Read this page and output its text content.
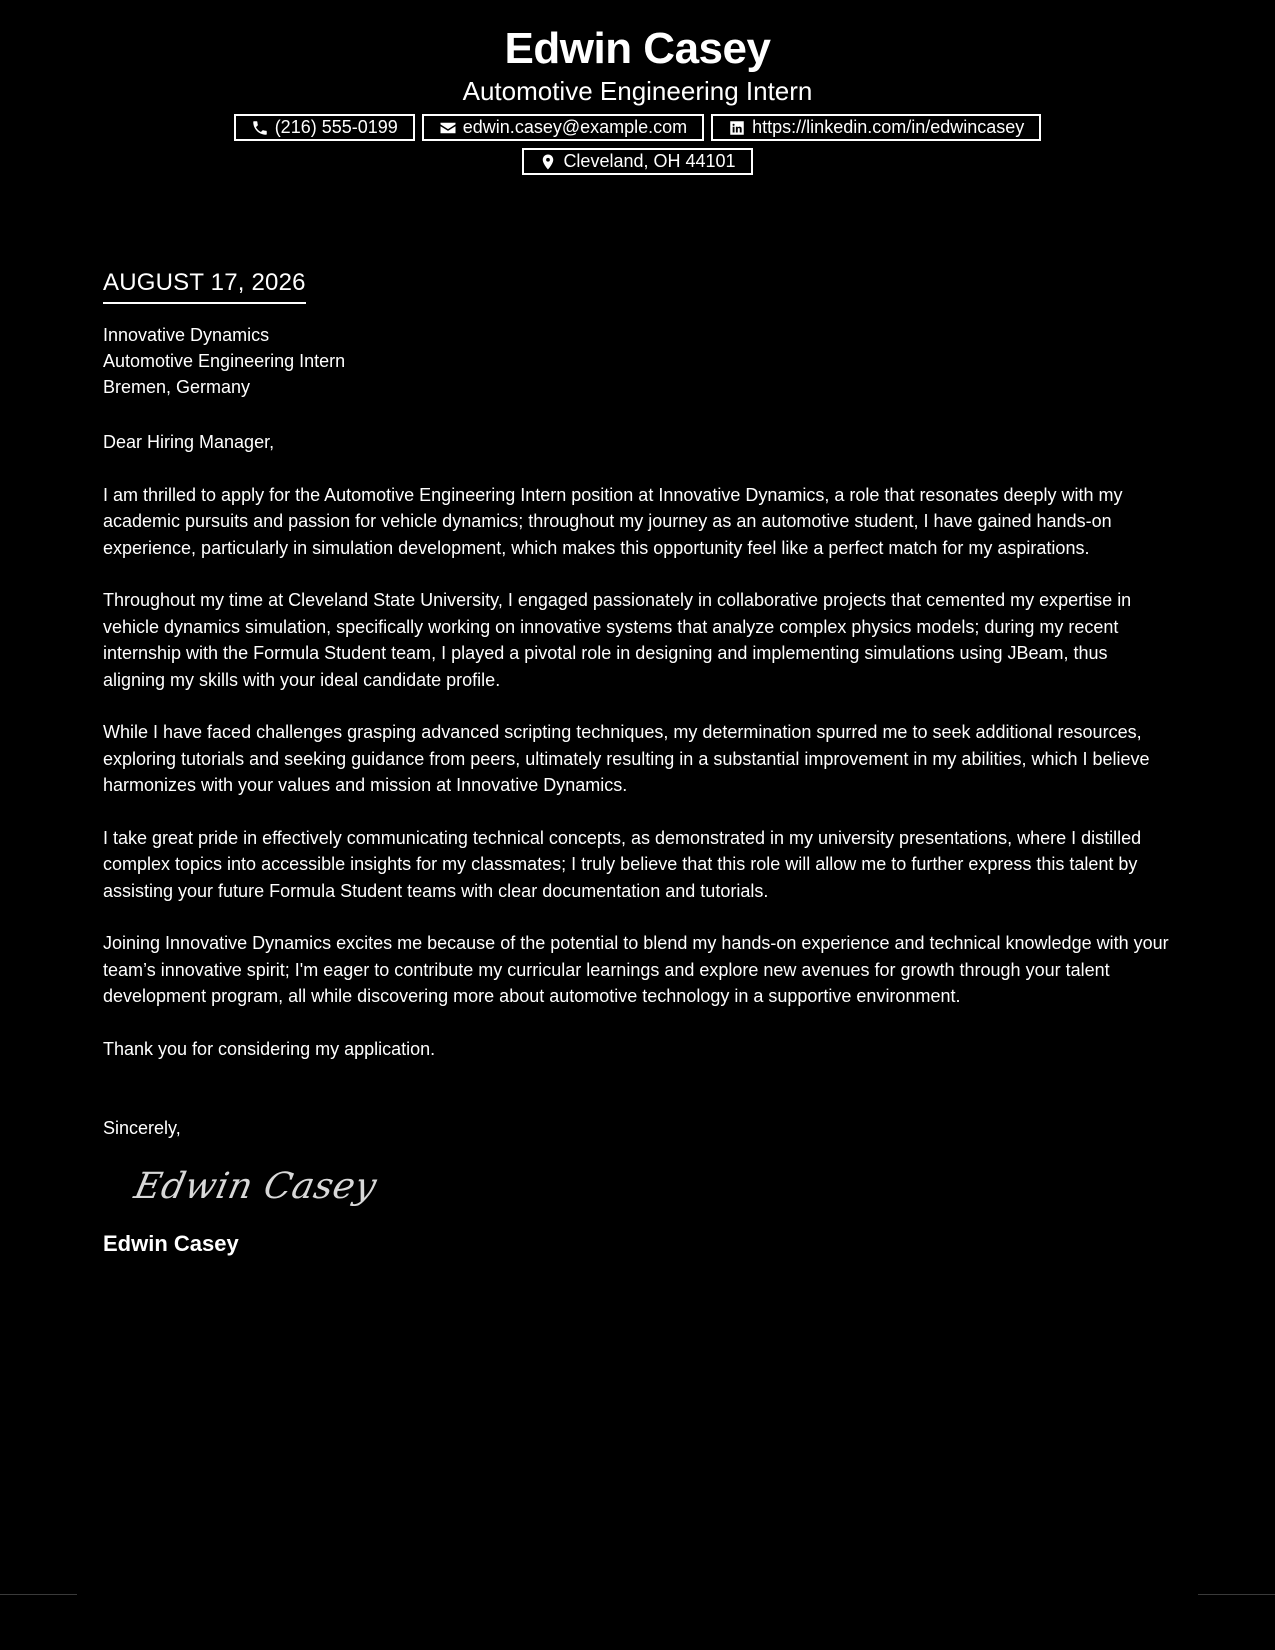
Edwin Casey
Automotive Engineering Intern
(216) 555-0199	edwin.casey@example.com	https://linkedin.com/in/edwincasey
Cleveland, OH 44101
AUGUST 17, 2026
Innovative Dynamics
Automotive Engineering Intern
Bremen, Germany
Dear Hiring Manager,
I am thrilled to apply for the Automotive Engineering Intern position at Innovative Dynamics, a role that resonates deeply with my academic pursuits and passion for vehicle dynamics; throughout my journey as an automotive student, I have gained hands-on experience, particularly in simulation development, which makes this opportunity feel like a perfect match for my aspirations.
Throughout my time at Cleveland State University, I engaged passionately in collaborative projects that cemented my expertise in vehicle dynamics simulation, specifically working on innovative systems that analyze complex physics models; during my recent internship with the Formula Student team, I played a pivotal role in designing and implementing simulations using JBeam, thus aligning my skills with your ideal candidate profile.
While I have faced challenges grasping advanced scripting techniques, my determination spurred me to seek additional resources, exploring tutorials and seeking guidance from peers, ultimately resulting in a substantial improvement in my abilities, which I believe harmonizes with your values and mission at Innovative Dynamics.
I take great pride in effectively communicating technical concepts, as demonstrated in my university presentations, where I distilled complex topics into accessible insights for my classmates; I truly believe that this role will allow me to further express this talent by assisting your future Formula Student teams with clear documentation and tutorials.
Joining Innovative Dynamics excites me because of the potential to blend my hands-on experience and technical knowledge with your team’s innovative spirit; I'm eager to contribute my curricular learnings and explore new avenues for growth through your talent development program, all while discovering more about automotive technology in a supportive environment.
Thank you for considering my application.
Sincerely,
Edwin Casey
Edwin Casey
